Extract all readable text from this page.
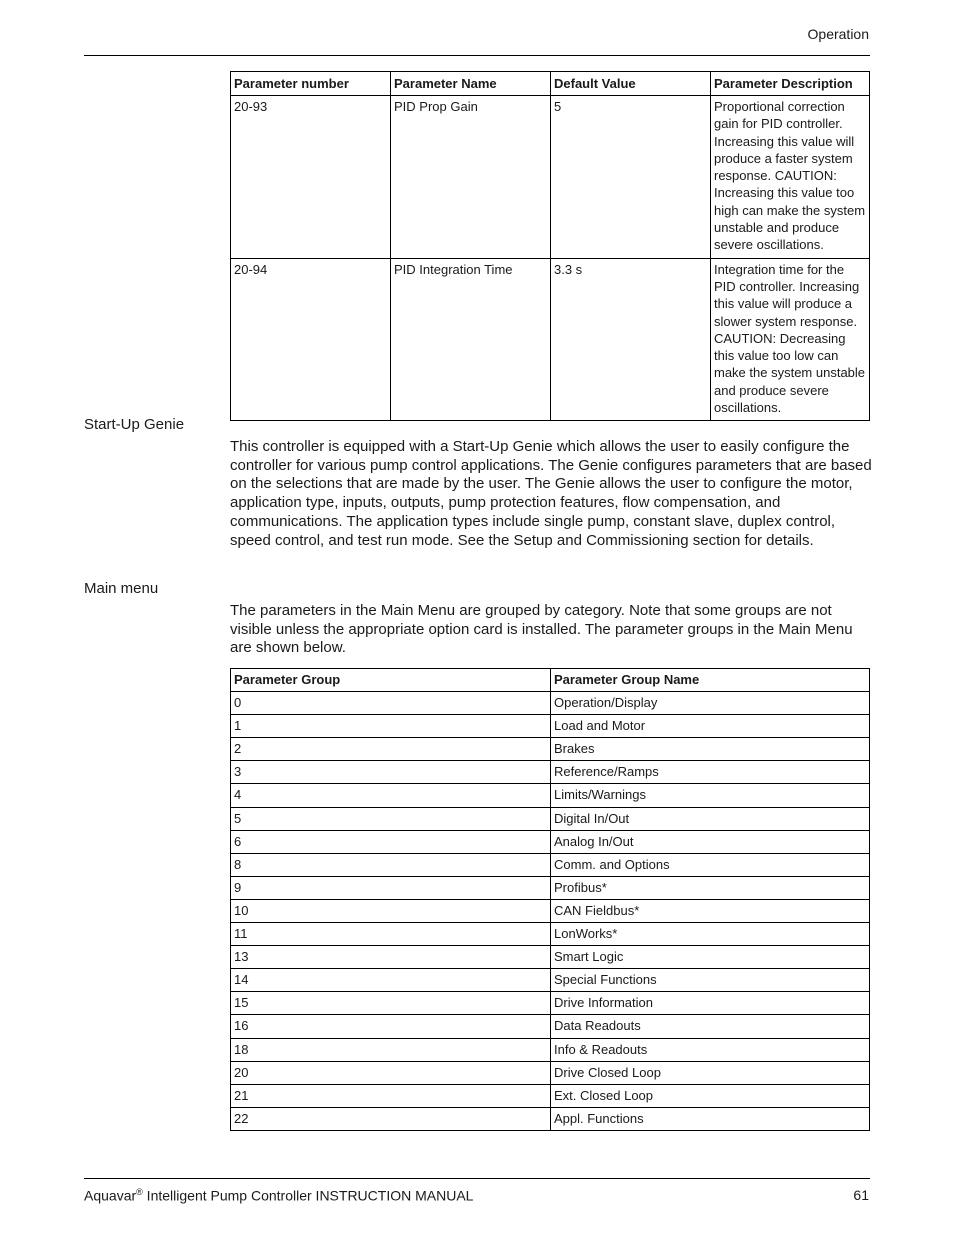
Operation
Parameter number	Parameter Name	Default Value	Parameter Description
20-93	PID Prop Gain	5	Proportional correction gain for PID controller. Increasing this value will produce a faster system response. CAUTION: Increasing this value too high can make the system unstable and produce severe oscillations.
20-94	PID Integration Time	3.3 s	Integration time for the PID controller. Increasing this value will produce a slower system response. CAUTION: Decreasing this value too low can make the system unstable and produce severe oscillations.
Start-Up Genie
This controller is equipped with a Start-Up Genie which allows the user to easily configure the controller for various pump control applications. The Genie configures parameters that are based on the selections that are made by the user. The Genie allows the user to configure the motor, application type, inputs, outputs, pump protection features, flow compensation, and communications. The application types include single pump, constant slave, duplex control, speed control, and test run mode. See the Setup and Commissioning section for details.
Main menu
The parameters in the Main Menu are grouped by category. Note that some groups are not visible unless the appropriate option card is installed. The parameter groups in the Main Menu are shown below.
Parameter Group	Parameter Group Name
0	Operation/Display
1	Load and Motor
2	Brakes
3	Reference/Ramps
4	Limits/Warnings
5	Digital In/Out
6	Analog In/Out
8	Comm. and Options
9	Profibus*
10	CAN Fieldbus*
11	LonWorks*
13	Smart Logic
14	Special Functions
15	Drive Information
16	Data Readouts
18	Info & Readouts
20	Drive Closed Loop
21	Ext. Closed Loop
22	Appl. Functions
Aquavar® Intelligent Pump Controller INSTRUCTION MANUAL	61
